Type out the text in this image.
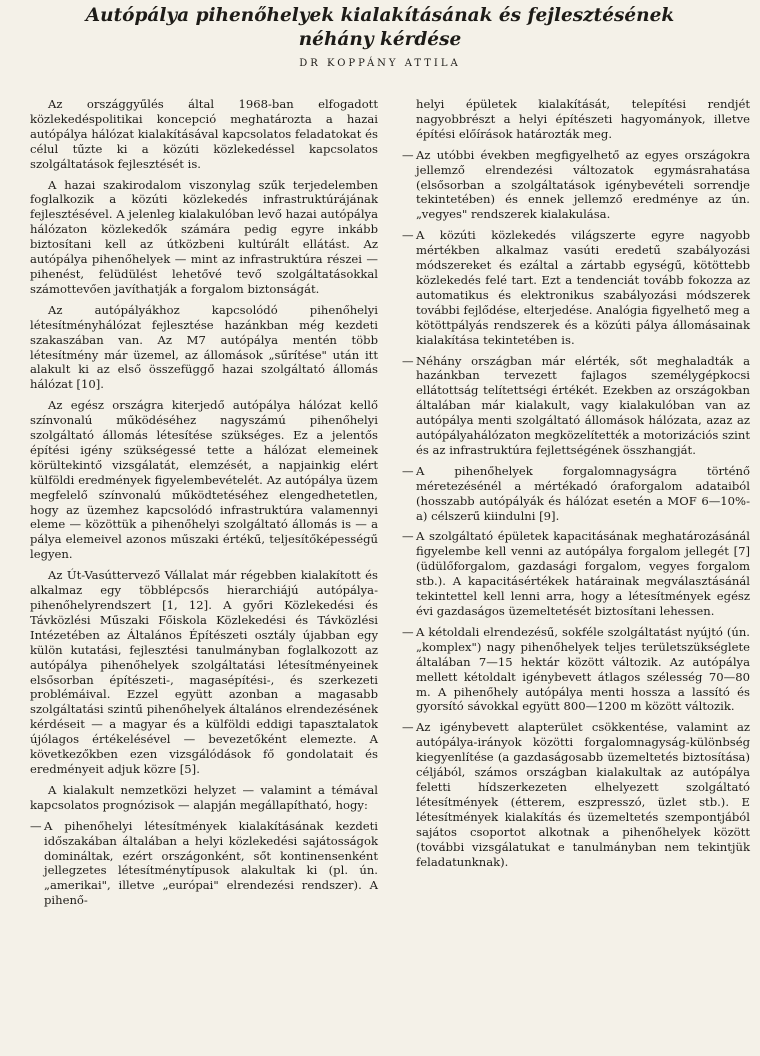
Autópálya pihenőhelyek kialakításának és fejlesztésének
néhány kérdése
DR KOPPÁNY ATTILA

Az országgyűlés által 1968-ban elfogadott közlekedéspolitikai koncepció meghatározta a hazai autópálya hálózat kialakításával kapcsolatos feladatokat és célul tűzte ki a közúti közlekedéssel kapcsolatos szolgáltatások fejlesztését is.

A hazai szakirodalom viszonylag szűk terjedelemben foglalkozik a közúti közlekedés infrastruktúrájának fejlesztésével. A jelenleg kialakulóban levő hazai autópálya hálózaton közlekedők számára pedig egyre inkább biztosítani kell az útközbeni kultúrált ellátást. Az autópálya pihenőhelyek — mint az infrastruktúra részei — pihenést, felüdülést lehetővé tevő szolgáltatásokkal számottevően javíthatják a forgalom biztonságát.

Az autópályákhoz kapcsolódó pihenőhelyi létesítményhálózat fejlesztése hazánkban még kezdeti szakaszában van. Az M7 autópálya mentén több létesítmény már üzemel, az állomások „sűrítése" után itt alakult ki az első összefüggő hazai szolgáltató állomás hálózat [10].

Az egész országra kiterjedő autópálya hálózat kellő színvonalú működéséhez nagyszámú pihenőhelyi szolgáltató állomás létesítése szükséges. Ez a jelentős építési igény szükségessé tette a hálózat elemeinek körültekintő vizsgálatát, elemzését, a napjainkig elért külföldi eredmények figyelembevételét. Az autópálya üzem megfelelő színvonalú működtetéséhez elengedhetetlen, hogy az üzemhez kapcsolódó infrastruktúra valamennyi eleme — közöttük a pihenőhelyi szolgáltató állomás is — a pálya elemeivel azonos műszaki értékű, teljesítőképességű legyen.

Az Út-Vasúttervező Vállalat már régebben kialakított és alkalmaz egy többlépcsős hierarchiájú autópálya-pihenőhelyrendszert [1, 12]. A győri Közlekedési és Távközlési Műszaki Főiskola Közlekedési és Távközlési Intézetében az Általános Építészeti osztály újabban egy külön kutatási, fejlesztési tanulmányban foglalkozott az autópálya pihenőhelyek szolgáltatási létesítményeinek elsősorban építészeti-, magasépítési-, és szerkezeti problémáival. Ezzel együtt azonban a magasabb szolgáltatási szintű pihenőhelyek általános elrendezésének kérdéseit — a magyar és a külföldi eddigi tapasztalatok újólagos értékelésével — bevezetőként elemezte. A következőkben ezen vizsgálódások fő gondolatait és eredményeit adjuk közre [5].

A kialakult nemzetközi helyzet — valamint a témával kapcsolatos prognózisok — alapján megállapítható, hogy:

— A pihenőhelyi létesítmények kialakításának kezdeti időszakában általában a helyi közlekedési sajátosságok domináltak, ezért országonként, sőt kontinensenként jellegzetes létesítménytípusok alakultak ki (pl. ún. „amerikai", illetve „európai" elrendezési rendszer). A pihenő-
helyi épületek kialakítását, telepítési rendjét nagyobbrészt a helyi építészeti hagyományok, illetve építési előírások határozták meg.
— Az utóbbi években megfigyelhető az egyes országokra jellemző elrendezési változatok egymásrahatása (elsősorban a szolgáltatások igénybevételi sorrendje tekintetében) és ennek jellemző eredménye az ún. „vegyes" rendszerek kialakulása.
— A közúti közlekedés világszerte egyre nagyobb mértékben alkalmaz vasúti eredetű szabályozási módszereket és ezáltal a zártabb egységű, kötöttebb közlekedés felé tart. Ezt a tendenciát tovább fokozza az automatikus és elektronikus szabályozási módszerek további fejlődése, elterjedése. Analógia figyelhető meg a kötöttpályás rendszerek és a közúti pálya állomásainak kialakítása tekintetében is.
— Néhány országban már elérték, sőt meghaladták a hazánkban tervezett fajlagos személygépkocsi ellátottság telítettségi értékét. Ezekben az országokban általában már kialakult, vagy kialakulóban van az autópálya menti szolgáltató állomások hálózata, azaz az autópályahálózaton megközelítették a motorizációs szint és az infrastruktúra fejlettségének összhangját.
— A pihenőhelyek forgalomnagyságra történő méretezésénél a mértékadó óraforgalom adataiból (hosszabb autópályák és hálózat esetén a MOF 6—10%-a) célszerű kiindulni [9].
— A szolgáltató épületek kapacitásának meghatározásánál figyelembe kell venni az autópálya forgalom jellegét [7] (üdülőforgalom, gazdasági forgalom, vegyes forgalom stb.). A kapacitásértékek határainak megválasztásánál tekintettel kell lenni arra, hogy a létesítmények egész évi gazdaságos üzemeltetését biztosítani lehessen.
— A kétoldali elrendezésű, sokféle szolgáltatást nyújtó (ún. „komplex") nagy pihenőhelyek teljes területszükséglete általában 7—15 hektár között változik. Az autópálya mellett kétoldalt igénybevett átlagos szélesség 70—80 m. A pihenőhely autópálya menti hossza a lassító és gyorsító sávokkal együtt 800—1200 m között változik.
— Az igénybevett alapterület csökkentése, valamint az autópálya-irányok közötti forgalomnagyság-különbség kiegyenlítése (a gazdaságosabb üzemeltetés biztosítása) céljából, számos országban kialakultak az autópálya feletti hídszerkezeten elhelyezett szolgáltató létesítmények (étterem, eszpresszó, üzlet stb.). E létesítmények kialakítás és üzemeltetés szempontjából sajátos csoportot alkotnak a pihenőhelyek között (további vizsgálatukat e tanulmányban nem tekintjük feladatunknak).
